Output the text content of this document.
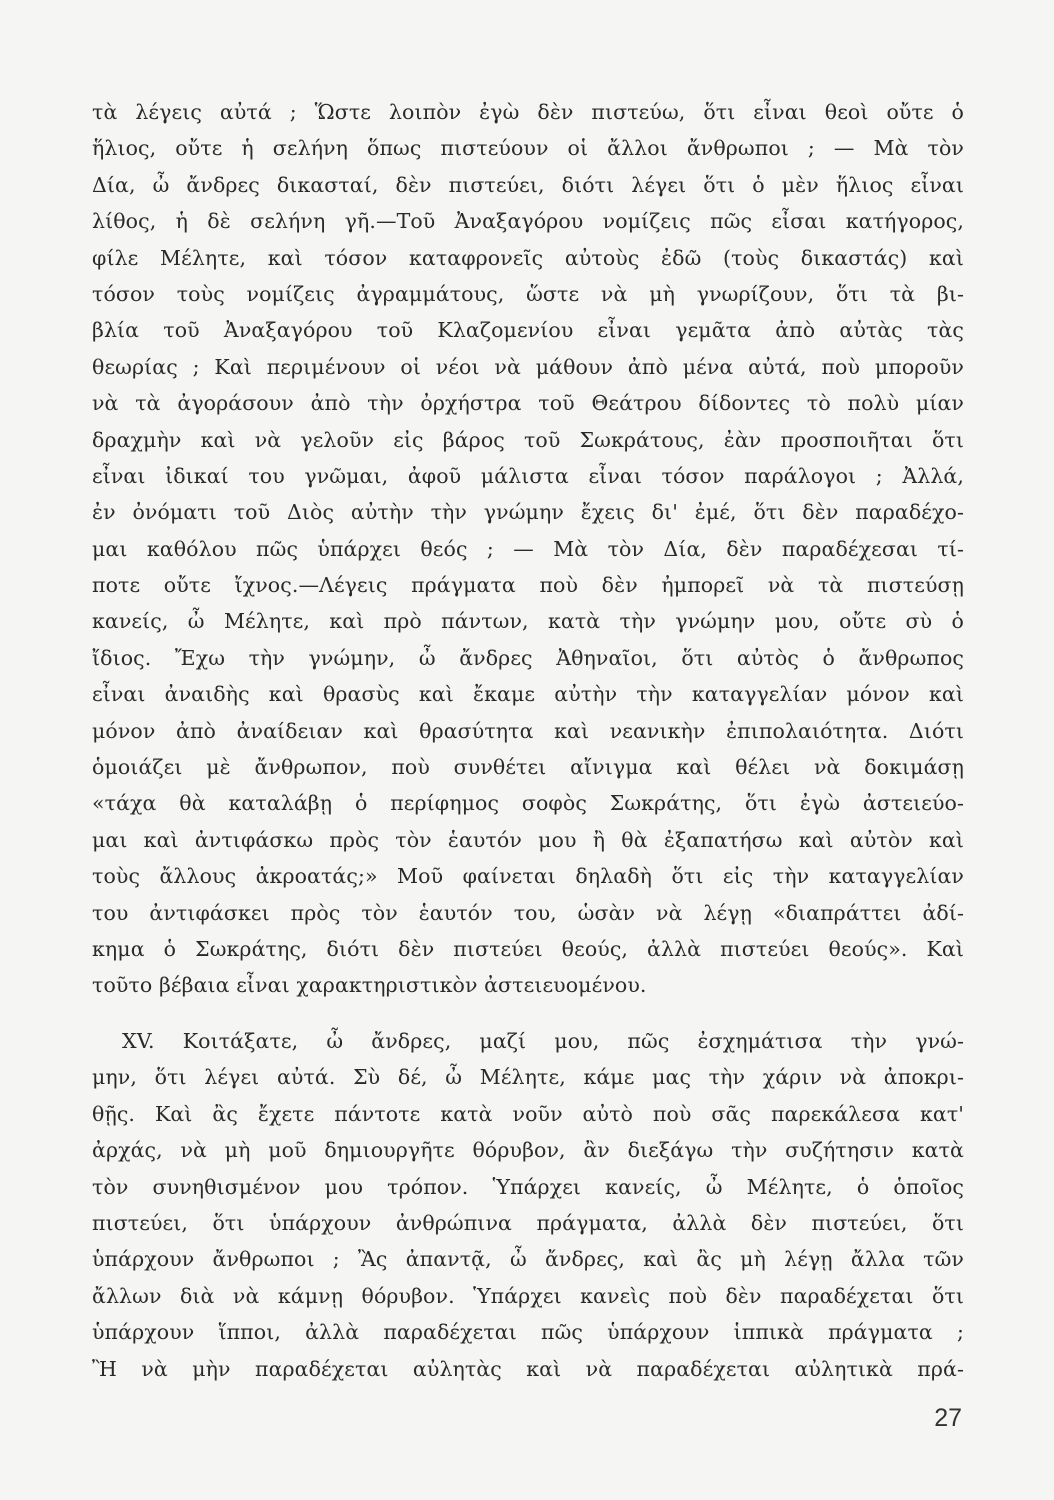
τὰ λέγεις αὐτά ; Ὥστε λοιπὸν ἐγὼ δὲν πιστεύω, ὅτι εἶναι θεοὶ οὔτε ὁ
ἥλιος, οὔτε ἡ σελήνη ὅπως πιστεύουν οἱ ἄλλοι ἄνθρωποι ; — Μὰ τὸν
Δία, ὦ ἄνδρες δικασταί, δὲν πιστεύει, διότι λέγει ὅτι ὁ μὲν ἥλιος εἶναι
λίθος, ἡ δὲ σελήνη γῆ.—Τοῦ Ἀναξαγόρου νομίζεις πῶς εἶσαι κατήγορος,
φίλε Μέλητε, καὶ τόσον καταφρονεῖς αὐτοὺς ἐδῶ (τοὺς δικαστάς) καὶ
τόσον τοὺς νομίζεις ἀγραμμάτους, ὥστε νὰ μὴ γνωρίζουν, ὅτι τὰ βι-
βλία τοῦ Ἀναξαγόρου τοῦ Κλαζομενίου εἶναι γεμᾶτα ἀπὸ αὐτὰς τὰς
θεωρίας ; Καὶ περιμένουν οἱ νέοι νὰ μάθουν ἀπὸ μένα αὐτά, ποὺ μποροῦν
νὰ τὰ ἀγοράσουν ἀπὸ τὴν ὀρχήστρα τοῦ Θεάτρου δίδοντες τὸ πολὺ μίαν
δραχμὴν καὶ νὰ γελοῦν εἰς βάρος τοῦ Σωκράτους, ἐὰν προσποιῆται ὅτι
εἶναι ἰδικαί του γνῶμαι, ἀφοῦ μάλιστα εἶναι τόσον παράλογοι ; Ἀλλά,
ἐν ὀνόματι τοῦ Διὸς αὐτὴν τὴν γνώμην ἔχεις δι' ἐμέ, ὅτι δὲν παραδέχο-
μαι καθόλου πῶς ὑπάρχει θεός ; — Μὰ τὸν Δία, δὲν παραδέχεσαι τί-
ποτε οὔτε ἴχνος.—Λέγεις πράγματα ποὺ δὲν ἠμπορεῖ νὰ τὰ πιστεύσῃ
κανείς, ὦ Μέλητε, καὶ πρὸ πάντων, κατὰ τὴν γνώμην μου, οὔτε σὺ ὁ
ἴδιος. Ἔχω τὴν γνώμην, ὦ ἄνδρες Ἀθηναῖοι, ὅτι αὐτὸς ὁ ἄνθρωπος
εἶναι ἀναιδὴς καὶ θρασὺς καὶ ἔκαμε αὐτὴν τὴν καταγγελίαν μόνον καὶ
μόνον ἀπὸ ἀναίδειαν καὶ θρασύτητα καὶ νεανικὴν ἐπιπολαιότητα. Διότι
ὁμοιάζει μὲ ἄνθρωπον, ποὺ συνθέτει αἴνιγμα καὶ θέλει νὰ δοκιμάσῃ
«τάχα θὰ καταλάβῃ ὁ περίφημος σοφὸς Σωκράτης, ὅτι ἐγὼ ἀστειεύο-
μαι καὶ ἀντιφάσκω πρὸς τὸν ἑαυτόν μου ἢ θὰ ἐξαπατήσω καὶ αὐτὸν καὶ
τοὺς ἄλλους ἀκροατάς;» Μοῦ φαίνεται δηλαδὴ ὅτι εἰς τὴν καταγγελίαν
του ἀντιφάσκει πρὸς τὸν ἑαυτόν του, ὡσὰν νὰ λέγῃ «διαπράττει ἀδί-
κημα ὁ Σωκράτης, διότι δὲν πιστεύει θεούς, ἀλλὰ πιστεύει θεούς». Καὶ
τοῦτο βέβαια εἶναι χαρακτηριστικὸν ἀστειευομένου.
XV. Κοιτάξατε, ὦ ἄνδρες, μαζί μου, πῶς ἐσχημάτισα τὴν γνώ-
μην, ὅτι λέγει αὐτά. Σὺ δέ, ὦ Μέλητε, κάμε μας τὴν χάριν νὰ ἀποκρι-
θῇς. Καὶ ἂς ἔχετε πάντοτε κατὰ νοῦν αὐτὸ ποὺ σᾶς παρεκάλεσα κατ'
ἀρχάς, νὰ μὴ μοῦ δημιουργῆτε θόρυβον, ἂν διεξάγω τὴν συζήτησιν κατὰ
τὸν συνηθισμένον μου τρόπον. Ὑπάρχει κανείς, ὦ Μέλητε, ὁ ὁποῖος
πιστεύει, ὅτι ὑπάρχουν ἀνθρώπινα πράγματα, ἀλλὰ δὲν πιστεύει, ὅτι
ὑπάρχουν ἄνθρωποι ; Ἂς ἀπαντᾷ, ὦ ἄνδρες, καὶ ἂς μὴ λέγῃ ἄλλα τῶν
ἄλλων διὰ νὰ κάμνῃ θόρυβον. Ὑπάρχει κανεὶς ποὺ δὲν παραδέχεται ὅτι
ὑπάρχουν ἵπποι, ἀλλὰ παραδέχεται πῶς ὑπάρχουν ἱππικὰ πράγματα ;
Ἢ νὰ μὴν παραδέχεται αὐλητὰς καὶ νὰ παραδέχεται αὐλητικὰ πρά-
27
